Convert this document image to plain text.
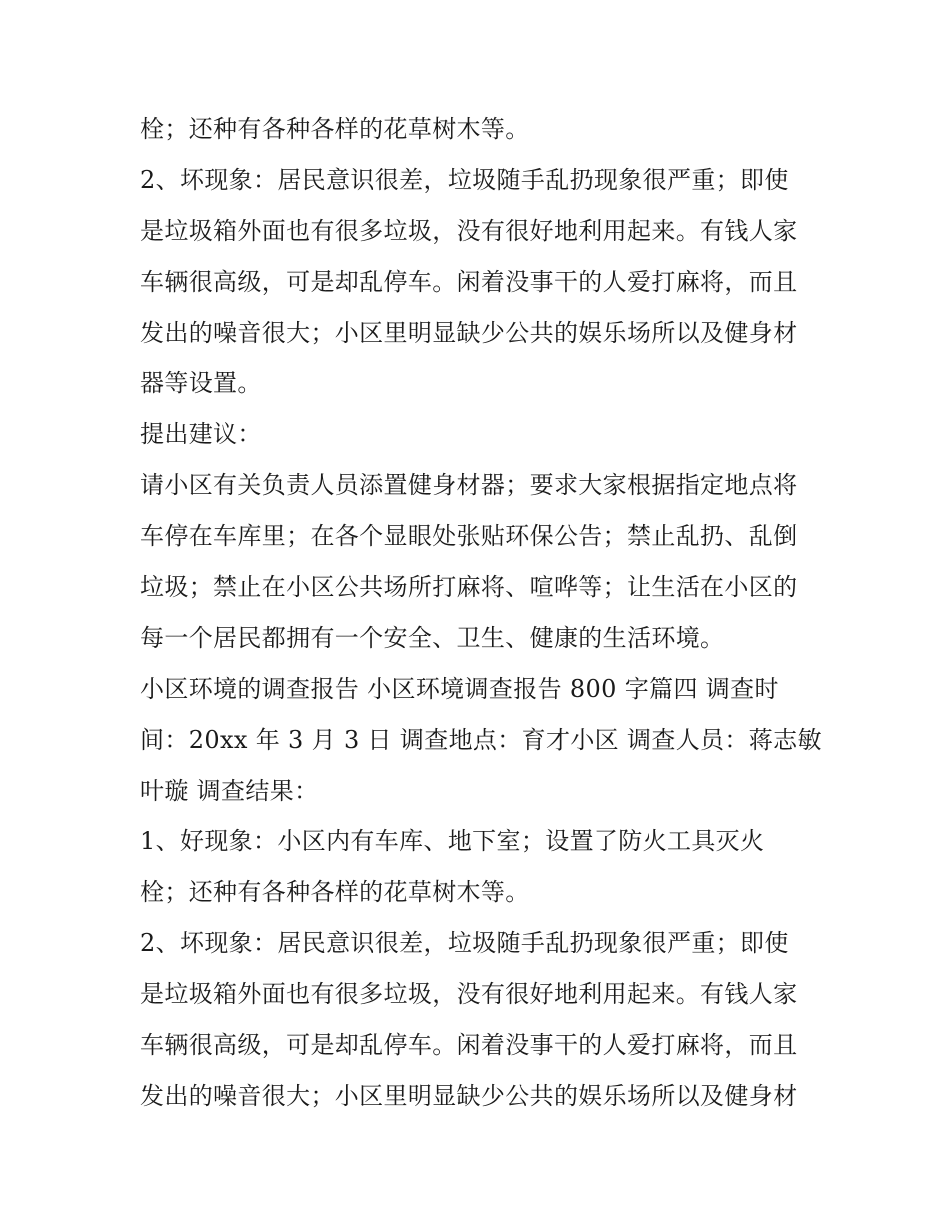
栓；还种有各种各样的花草树木等。
2、坏现象：居民意识很差，垃圾随手乱扔现象很严重；即使
是垃圾箱外面也有很多垃圾，没有很好地利用起来。有钱人家
车辆很高级，可是却乱停车。闲着没事干的人爱打麻将，而且
发出的噪音很大；小区里明显缺少公共的娱乐场所以及健身材
器等设置。
提出建议：
请小区有关负责人员添置健身材器；要求大家根据指定地点将
车停在车库里；在各个显眼处张贴环保公告；禁止乱扔、乱倒
垃圾；禁止在小区公共场所打麻将、喧哗等；让生活在小区的
每一个居民都拥有一个安全、卫生、健康的生活环境。
小区环境的调查报告 小区环境调查报告 800 字篇四 调查时
间：20xx 年 3 月 3 日 调查地点：育才小区 调查人员：蒋志敏
叶璇 调查结果：
1、好现象：小区内有车库、地下室；设置了防火工具灭火
栓；还种有各种各样的花草树木等。
2、坏现象：居民意识很差，垃圾随手乱扔现象很严重；即使
是垃圾箱外面也有很多垃圾，没有很好地利用起来。有钱人家
车辆很高级，可是却乱停车。闲着没事干的人爱打麻将，而且
发出的噪音很大；小区里明显缺少公共的娱乐场所以及健身材
